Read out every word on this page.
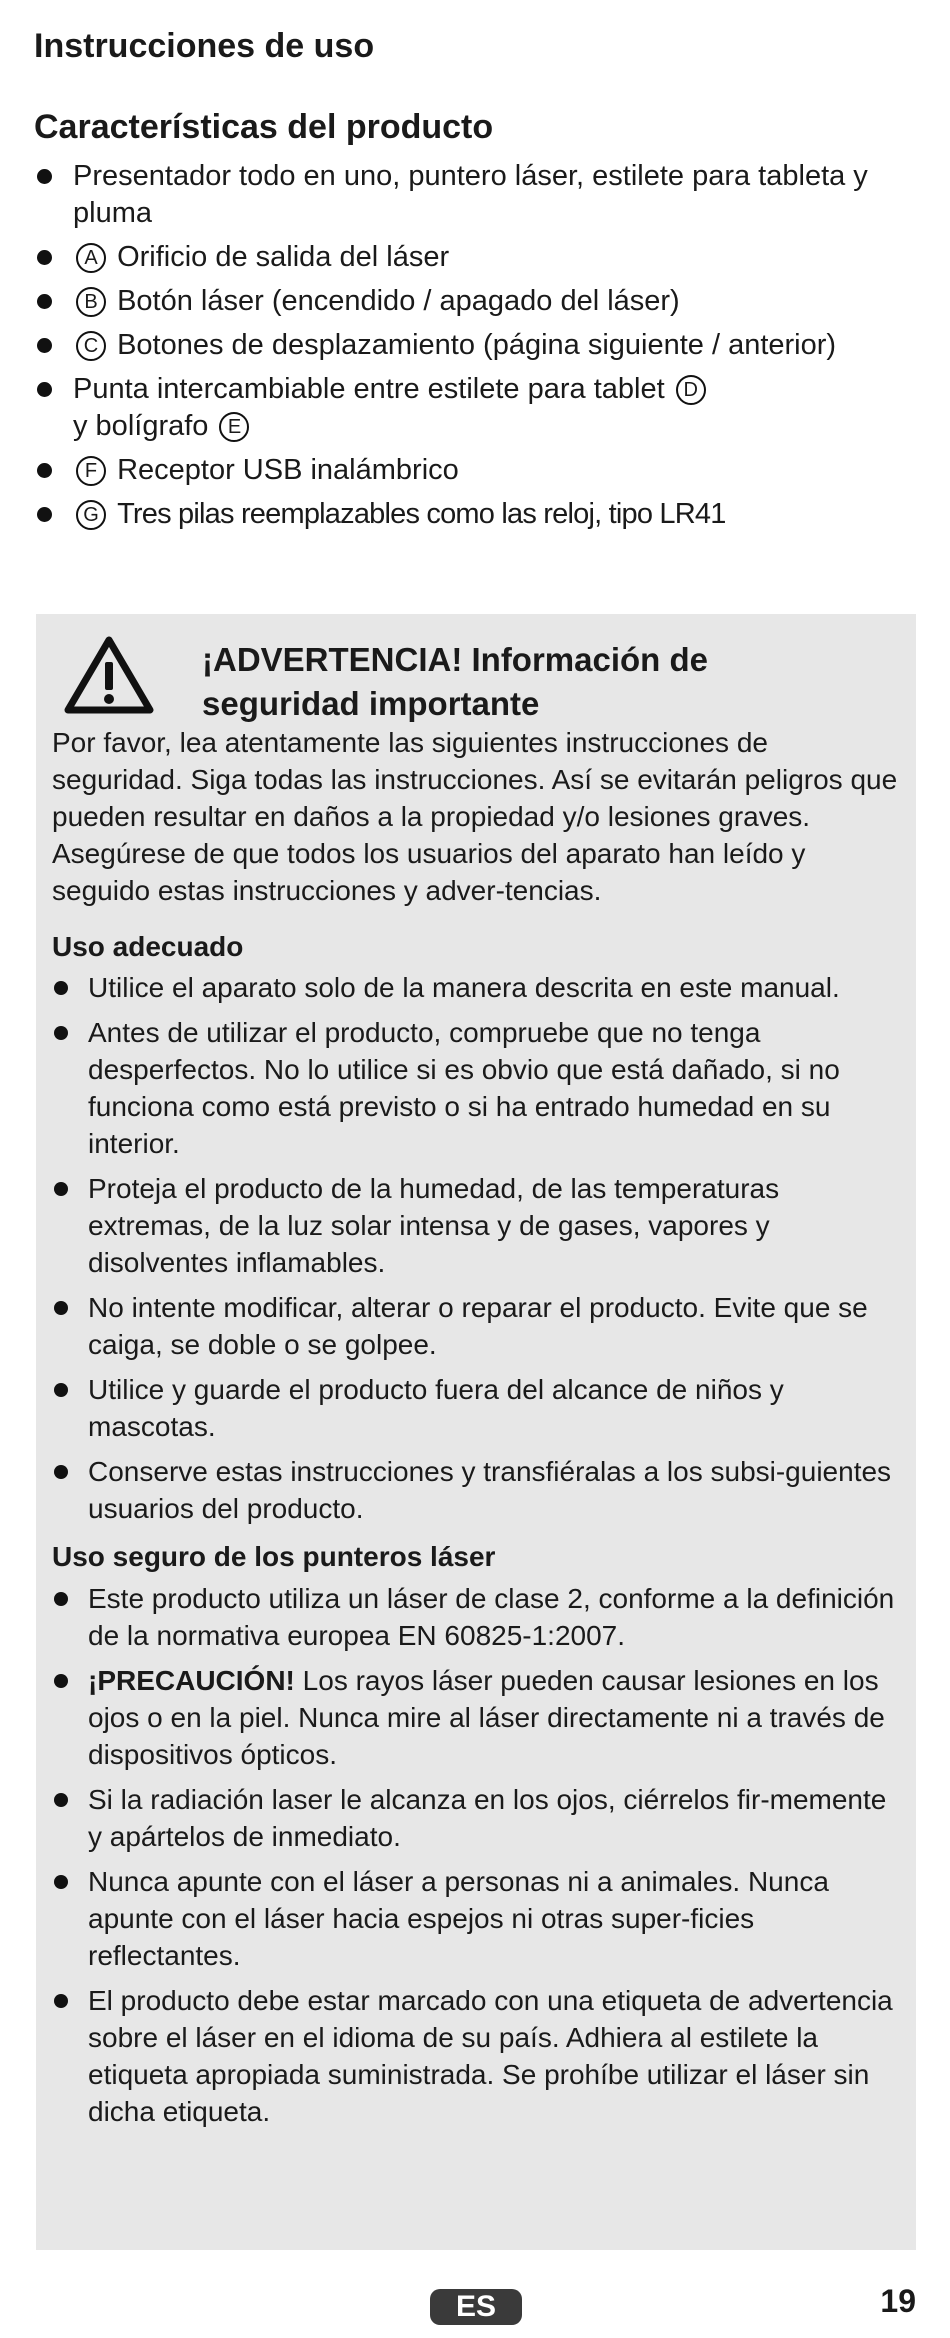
Instrucciones de uso
Características del producto
Presentador todo en uno, puntero láser, estilete para tableta y pluma
A Orificio de salida del láser
B Botón láser (encendido / apagado del láser)
C Botones de desplazamiento (página siguiente / anterior)
Punta intercambiable entre estilete para tablet D
y bolígrafo E
F Receptor USB inalámbrico
G Tres pilas reemplazables como las reloj, tipo LR41
¡ADVERTENCIA! Información de
seguridad importante

Por favor, lea atentamente las siguientes instrucciones de seguridad. Siga todas las instrucciones. Así se evitarán peligros que pueden resultar en daños a la propiedad y/o lesiones graves. Asegúrese de que todos los usuarios del aparato han leído y seguido estas instrucciones y adver-tencias.

Uso adecuado
Utilice el aparato solo de la manera descrita en este manual.
Antes de utilizar el producto, compruebe que no tenga desperfectos. No lo utilice si es obvio que está dañado, si no funciona como está previsto o si ha entrado humedad en su interior.
Proteja el producto de la humedad, de las temperaturas extremas, de la luz solar intensa y de gases, vapores y disolventes inflamables.
No intente modificar, alterar o reparar el producto. Evite que se caiga, se doble o se golpee.
Utilice y guarde el producto fuera del alcance de niños y mascotas.
Conserve estas instrucciones y transfiéralas a los subsi-guientes usuarios del producto.
Uso seguro de los punteros láser
Este producto utiliza un láser de clase 2, conforme a la definición de la normativa europea EN 60825-1:2007.
¡PRECAUCIÓN! Los rayos láser pueden causar lesiones en los ojos o en la piel. Nunca mire al láser directamente ni a través de dispositivos ópticos.
Si la radiación laser le alcanza en los ojos, ciérrelos fir-memente y apártelos de inmediato.
Nunca apunte con el láser a personas ni a animales. Nunca apunte con el láser hacia espejos ni otras super-ficies reflectantes.
El producto debe estar marcado con una etiqueta de advertencia sobre el láser en el idioma de su país. Adhiera al estilete la etiqueta apropiada suministrada. Se prohíbe utilizar el láser sin dicha etiqueta.
ES	19
